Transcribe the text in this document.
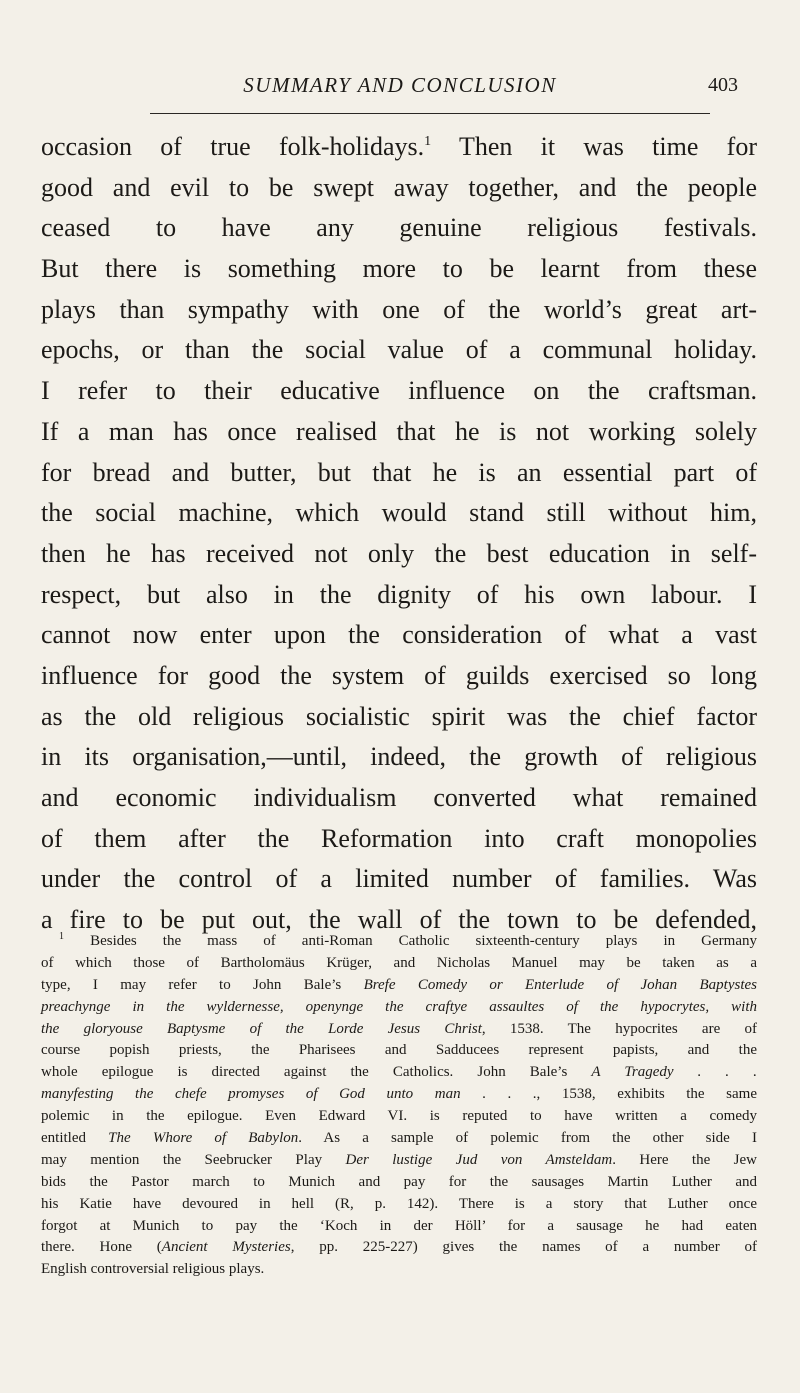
SUMMARY AND CONCLUSION	403
occasion of true folk-holidays.$^1$ Then it was time for
good and evil to be swept away together, and the people
ceased to have any genuine religious festivals.
But there is something more to be learnt from these
plays than sympathy with one of the world’s great art-
epochs, or than the social value of a communal holiday.
I refer to their educative influence on the craftsman.
If a man has once realised that he is not working solely
for bread and butter, but that he is an essential part of
the social machine, which would stand still without him,
then he has received not only the best education in self-
respect, but also in the dignity of his own labour. I
cannot now enter upon the consideration of what a vast
influence for good the system of guilds exercised so long
as the old religious socialistic spirit was the chief factor
in its organisation,—until, indeed, the growth of religious
and economic individualism converted what remained
of them after the Reformation into craft monopolies
under the control of a limited number of families. Was
a fire to be put out, the wall of the town to be defended,
$^1$ Besides the mass of anti-Roman Catholic sixteenth-century plays in Germany
of which those of Bartholomäus Krüger, and Nicholas Manuel may be taken as a
type, I may refer to John Bale’s Brefe Comedy or Enterlude of Johan Baptystes
preachynge in the wyldernesse, openynge the craftye assaultes of the hypocrytes, with
the gloryouse Baptysme of the Lorde Jesus Christ, 1538. The hypocrites are of
course popish priests, the Pharisees and Sadducees represent papists, and the
whole epilogue is directed against the Catholics. John Bale’s A Tragedy . . .
manyfesting the chefe promyses of God unto man . . ., 1538, exhibits the same
polemic in the epilogue. Even Edward VI. is reputed to have written a comedy
entitled The Whore of Babylon. As a sample of polemic from the other side I
may mention the Seebrucker Play Der lustige Jud von Amsteldam. Here the Jew
bids the Pastor march to Munich and pay for the sausages Martin Luther and
his Katie have devoured in hell (R, p. 142). There is a story that Luther once
forgot at Munich to pay the ‘Koch in der Höll’ for a sausage he had eaten
there. Hone (Ancient Mysteries, pp. 225-227) gives the names of a number of
English controversial religious plays.
